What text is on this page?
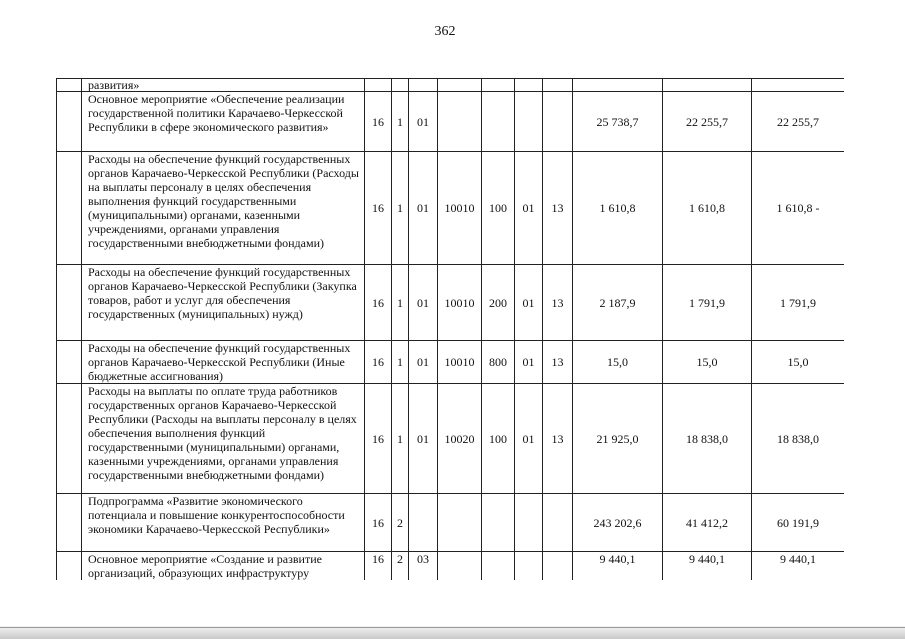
362
	развития»										
	Основное мероприятие «Обеспечение реализации государственной политики Карачаево-Черкесской Республики в сфере экономического развития»	16	1	01					25 738,7	22 255,7	22 255,7
	Расходы на обеспечение функций государственных органов Карачаево-Черкесской Республики (Расходы на выплаты персоналу в целях обеспечения выполнения функций государственными (муниципальными) органами, казенными учреждениями, органами управления государственными внебюджетными фондами)	16	1	01	10010	100	01	13	1 610,8	1 610,8	1 610,8 -
	Расходы на обеспечение функций государственных органов Карачаево-Черкесской Республики (Закупка товаров, работ и услуг для обеспечения государственных (муниципальных) нужд)	16	1	01	10010	200	01	13	2 187,9	1 791,9	1 791,9
	Расходы на обеспечение функций государственных органов Карачаево-Черкесской Республики (Иные бюджетные ассигнования)	16	1	01	10010	800	01	13	15,0	15,0	15,0
	Расходы на выплаты по оплате труда работников государственных органов Карачаево-Черкесской Республики (Расходы на выплаты персоналу в целях обеспечения выполнения функций государственными (муниципальными) органами, казенными учреждениями, органами управления государственными внебюджетными фондами)	16	1	01	10020	100	01	13	21 925,0	18 838,0	18 838,0
	Подпрограмма «Развитие экономического потенциала и повышение конкурентоспособности экономики Карачаево-Черкесской Республики»	16	2						243 202,6	41 412,2	60 191,9
	Основное мероприятие «Создание и развитие организаций, образующих инфраструктуру	16	2	03					9 440,1	9 440,1	9 440,1
